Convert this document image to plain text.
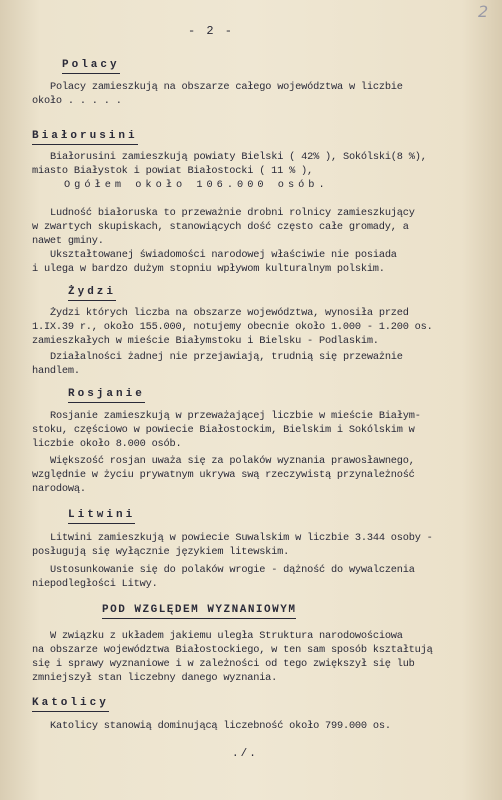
- 2 -
2
Polacy
Polacy zamieszkują na obszarze całego województwa w liczbie
około . . . . .
Białorusini
Białorusini zamieszkują powiaty Bielski ( 42% ), Sokólski(8 %),
miasto Białystok i powiat Białostocki ( 11 % ),
Ogółem około 106.000 osób.
Ludność białoruska to przeważnie drobni rolnicy zamieszkujący
w zwartych skupiskach, stanowiących dość często całe gromady, a
nawet gminy.
Ukształtowanej świadomości narodowej właściwie nie posiada
i ulega w bardzo dużym stopniu wpływom kulturalnym polskim.
Żydzi
Żydzi których liczba na obszarze województwa, wynosiła przed
1.IX.39 r., około 155.000, notujemy obecnie około 1.000 - 1.200 os.
zamieszkałych w mieście Białymstoku i Bielsku - Podlaskim.
Działalności żadnej nie przejawiają, trudnią się przeważnie
handlem.
Rosjanie
Rosjanie zamieszkują w przeważającej liczbie w mieście Białym-
stoku, częściowo w powiecie Białostockim, Bielskim i Sokólskim w
liczbie około 8.000 osób.
Większość rosjan uważa się za polaków wyznania prawosławnego,
względnie w życiu prywatnym ukrywa swą rzeczywistą przynależność
narodową.
Litwini
Litwini zamieszkują w powiecie Suwalskim w liczbie 3.344 osoby -
posługują się wyłącznie językiem litewskim.
Ustosunkowanie się do polaków wrogie - dążność do wywalczenia
niepodległości Litwy.
POD WZGLĘDEM WYZNANIOWYM
W związku z układem jakiemu uległa Struktura narodowościowa
na obszarze województwa Białostockiego, w ten sam sposób kształtują
się i sprawy wyznaniowe i w zależności od tego zwiększył się lub
zmniejszył stan liczebny danego wyznania.
Katolicy
Katolicy stanowią dominującą liczebność około 799.000 os.
./.
